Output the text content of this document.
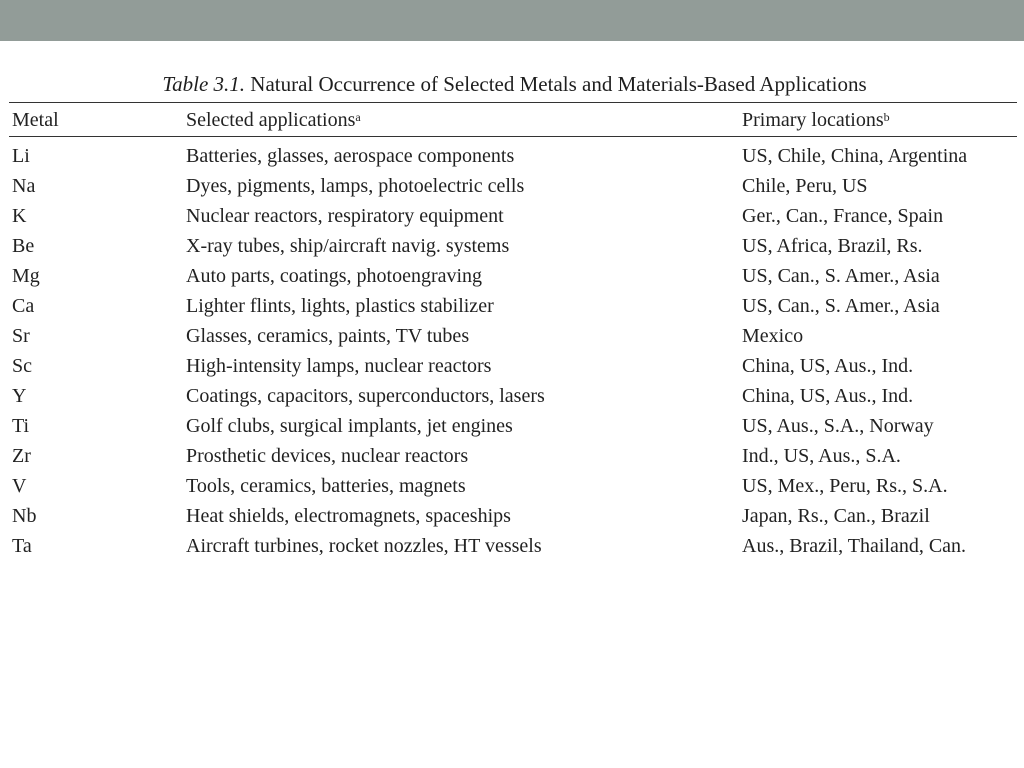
Table 3.1. Natural Occurrence of Selected Metals and Materials-Based Applications
Metal	Selected applications$^a$	Primary locations$^b$
Li	Batteries, glasses, aerospace components	US, Chile, China, Argentina
Na	Dyes, pigments, lamps, photoelectric cells	Chile, Peru, US
K	Nuclear reactors, respiratory equipment	Ger., Can., France, Spain
Be	X-ray tubes, ship/aircraft navig. systems	US, Africa, Brazil, Rs.
Mg	Auto parts, coatings, photoengraving	US, Can., S. Amer., Asia
Ca	Lighter flints, lights, plastics stabilizer	US, Can., S. Amer., Asia
Sr	Glasses, ceramics, paints, TV tubes	Mexico
Sc	High-intensity lamps, nuclear reactors	China, US, Aus., Ind.
Y	Coatings, capacitors, superconductors, lasers	China, US, Aus., Ind.
Ti	Golf clubs, surgical implants, jet engines	US, Aus., S.A., Norway
Zr	Prosthetic devices, nuclear reactors	Ind., US, Aus., S.A.
V	Tools, ceramics, batteries, magnets	US, Mex., Peru, Rs., S.A.
Nb	Heat shields, electromagnets, spaceships	Japan, Rs., Can., Brazil
Ta	Aircraft turbines, rocket nozzles, HT vessels	Aus., Brazil, Thailand, Can.
